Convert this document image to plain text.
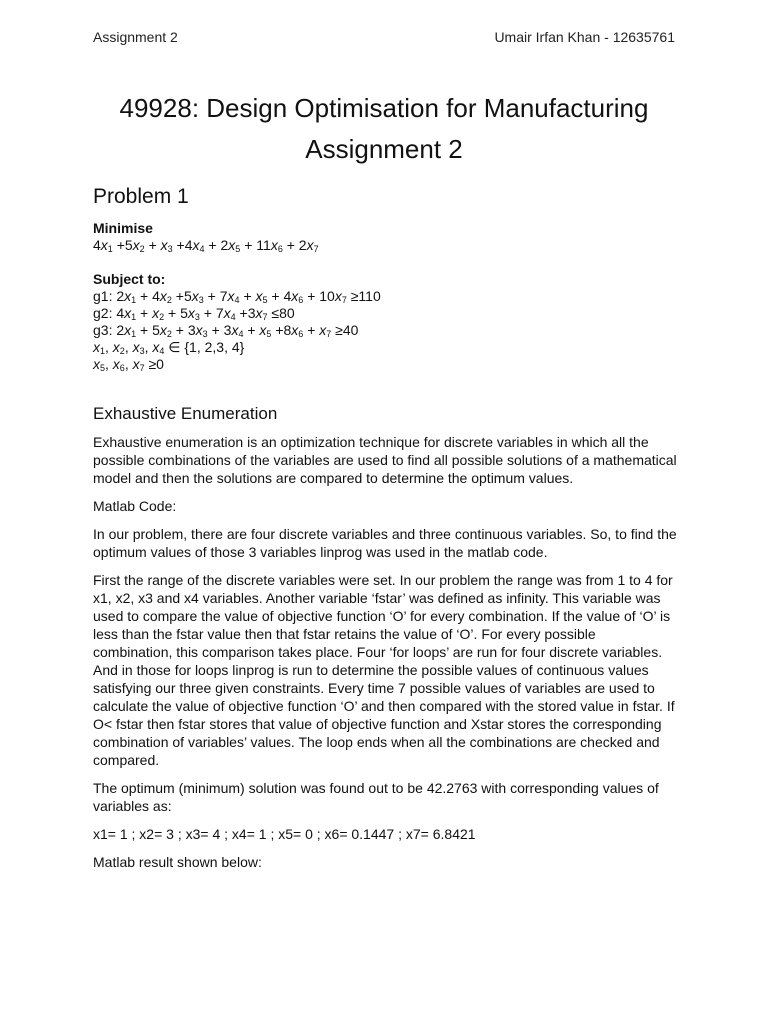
Assignment 2	Umair Irfan Khan - 12635761
49928: Design Optimisation for Manufacturing
Assignment 2
Problem 1
Minimise
$4x_1 +5x_2 + x_3 +4x_4 + 2x_5 + 11x_6 + 2x_7$
Subject to:
g1: $2x_1 + 4x_2 +5x_3 + 7x_4 + x_5 + 4x_6 + 10x_7 \ge 110$
g2: $4x_1 + x_2 + 5x_3 + 7x_4 +3x_7 \le 80$
g3: $2x_1 + 5x_2 + 3x_3 + 3x_4 + x_5 +8x_6 + x_7 \ge 40$
$x_1$, $x_2$, $x_3$, $x_4$ ∈ {1, 2,3, 4}
$x_5$, $x_6$, $x_7 \ge 0$
Exhaustive Enumeration

Exhaustive enumeration is an optimization technique for discrete variables in which all the possible combinations of the variables are used to find all possible solutions of a mathematical model and then the solutions are compared to determine the optimum values.

Matlab Code:

In our problem, there are four discrete variables and three continuous variables. So, to find the optimum values of those 3 variables linprog was used in the matlab code.

First the range of the discrete variables were set. In our problem the range was from 1 to 4 for x1, x2, x3 and x4 variables. Another variable ‘fstar’ was defined as infinity. This variable was used to compare the value of objective function ‘O’ for every combination. If the value of ‘O’ is less than the fstar value then that fstar retains the value of ‘O’. For every possible combination, this comparison takes place. Four ‘for loops’ are run for four discrete variables. And in those for loops linprog is run to determine the possible values of continuous values satisfying our three given constraints. Every time 7 possible values of variables are used to calculate the value of objective function ‘O’ and then compared with the stored value in fstar. If O< fstar then fstar stores that value of objective function and Xstar stores the corresponding combination of variables’ values. The loop ends when all the combinations are checked and compared.

The optimum (minimum) solution was found out to be 42.2763 with corresponding values of variables as:

x1= 1 ; x2= 3 ; x3= 4 ; x4= 1 ; x5= 0 ; x6= 0.1447 ; x7= 6.8421

Matlab result shown below:
